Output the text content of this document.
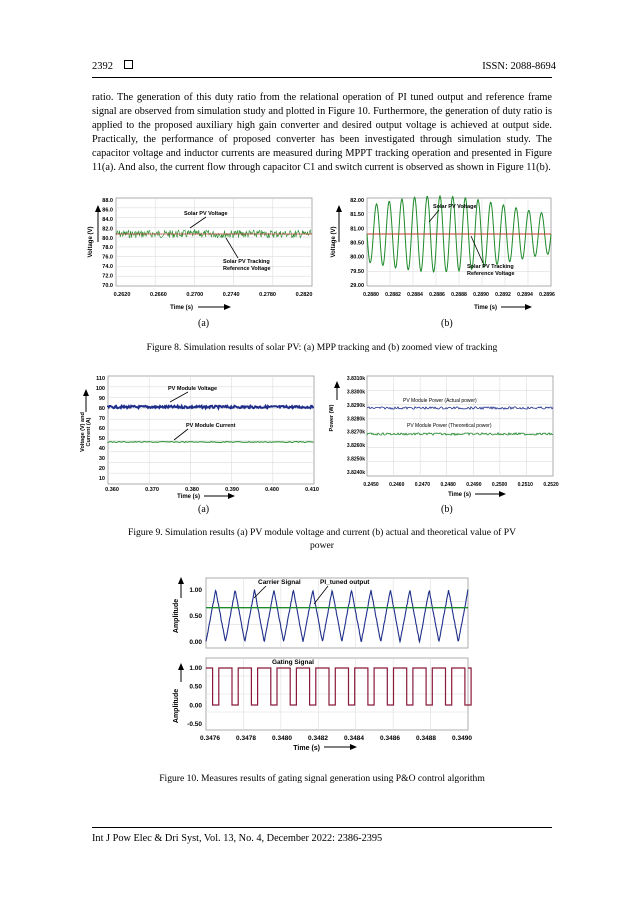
2392	ISSN: 2088-8694
ratio. The generation of this duty ratio from the relational operation of PI tuned output and reference frame signal are observed from simulation study and plotted in Figure 10. Furthermore, the generation of duty ratio is applied to the proposed auxiliary high gain converter and desired output voltage is achieved at output side. Practically, the performance of proposed converter has been investigated through simulation study. The capacitor voltage and inductor currents are measured during MPPT tracking operation and presented in Figure 11(a). And also, the current flow through capacitor C1 and switch current is observed as shown in Figure 11(b).
88.0
86.0
84.0
82.0
80.0
78.0
76.0
74.0
72.0
70.0
0.2620	0.2660	0.2700	0.2740	0.2780	0.2820
Voltage (V)
Time (s)
Solar PV Voltage
Solar PV Tracking
Reference Voltage
82.00
81.50
81.00
80.50
80.00
79.50
29.00
0.2880 0.2882 0.2884 0.2886 0.2888 0.2890 0.2892 0.2894 0.2896
Voltage (V)
Time (s)
Solar PV Voltage
Solar PV Tracking
Reference Voltage
(a)	(b)
Figure 8. Simulation results of solar PV: (a) MPP tracking and (b) zoomed view of tracking
110
100
90
80
70
60
50
40
30
20
10
0.360	0.370	0.380	0.390	0.400	0.410
Voltage (V) and Current (A)
Time (s)
PV Module Voltage
PV Module Current
3.8310k
3.8300k
3.8290k
3.8280k
3.8270k
3.8260k
3.8250k
3.8240k
0.2450 0.2460 0.2470 0.2480 0.2490 0.2500 0.2510 0.2520
Power (W)
Time (s)
PV Module Power (Actual power)
PV Module Power (Theoretical power)
(a)	(b)
Figure 9. Simulation results (a) PV module voltage and current (b) actual and theoretical value of PV
power
1.00
0.50
0.00
1.00
0.50
0.00
-0.50
0.3476 0.3478 0.3480 0.3482 0.3484 0.3486 0.3488 0.3490
Amplitude
Amplitude
Time (s)
Carrier Signal	PI_tuned output
Gating Signal
Figure 10. Measures results of gating signal generation using P&O control algorithm
Int J Pow Elec & Dri Syst, Vol. 13, No. 4, December 2022: 2386-2395
